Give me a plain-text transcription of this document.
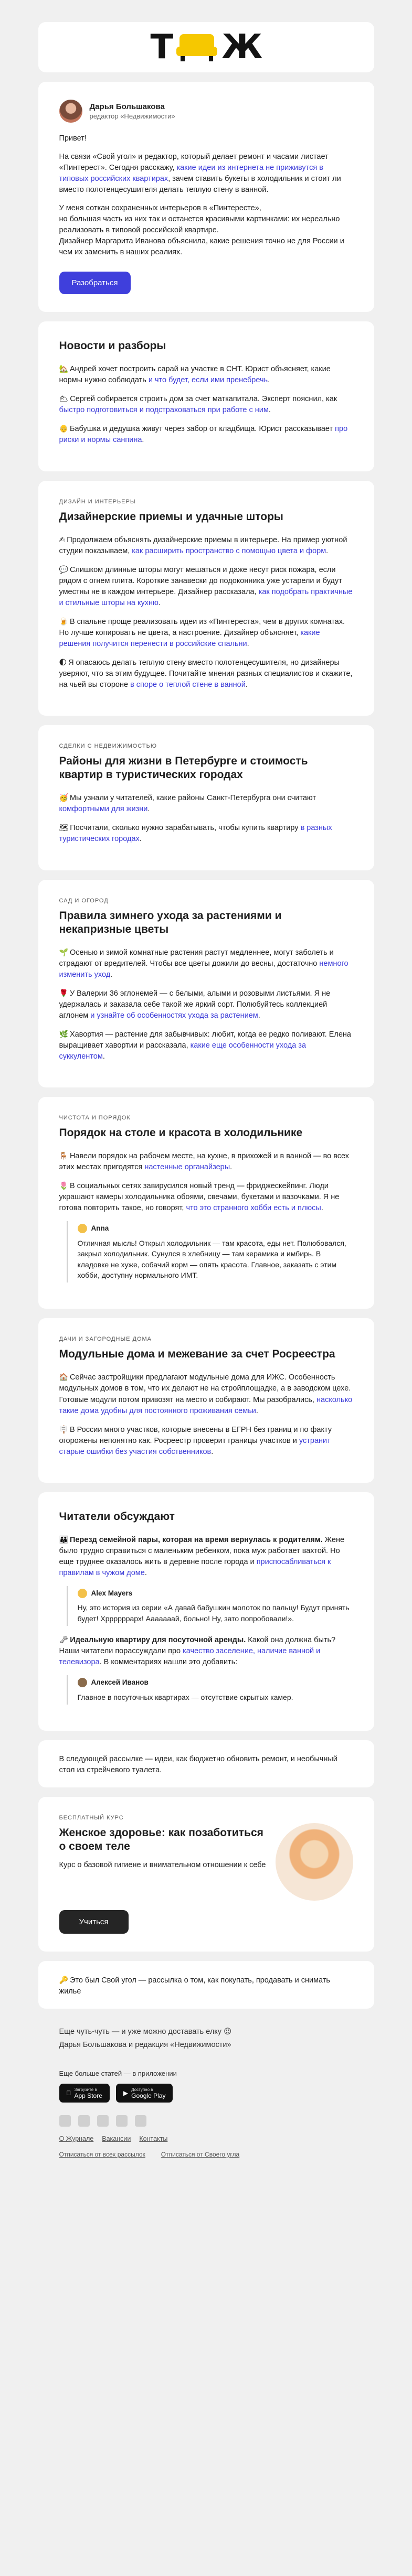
Т Ж
Дарья Большакова
редактор «Недвижимости»

Привет!

На связи «Свой угол» и редактор, который делает ремонт и часами листает «Пинтерест». Сегодня расскажу, какие идеи из интернета не приживутся в типовых российских квартирах, зачем ставить букеты в холодильник и стоит ли вместо полотенцесушителя делать теплую стену в ванной.

У меня соткан сохраненных интерьеров в «Пинтересте»,
но большая часть из них так и останется красивыми картинками: их нереально реализовать в типовой российской квартире.
Дизайнер Маргарита Иванова объяснила, какие решения точно не для России и чем их заменить в наших реалиях.

Разобраться
Новости и разборы
🏡 Андрей хочет построить сарай на участке в СНТ. Юрист объясняет, какие нормы нужно соблюдать и что будет, если ими пренебречь.
🌥 Сергей собирается строить дом за счет маткапитала. Эксперт пояснил, как быстро подготовиться и подстраховаться при работе с ним.
👴 Бабушка и дедушка живут через забор от кладбища. Юрист рассказывает про риски и нормы санпина.
ДИЗАЙН И ИНТЕРЬЕРЫ
Дизайнерские приемы и удачные шторы
✍ Продолжаем объяснять дизайнерские приемы в интерьере. На пример уютной студии показываем, как расширить пространство с помощью цвета и форм.
💬 Слишком длинные шторы могут мешаться и даже несут риск пожара, если рядом с огнем плита. Короткие занавески до подоконника уже устарели и будут уместны не в каждом интерьере. Дизайнер рассказала, как подобрать практичные и стильные шторы на кухню.
🍺 В спальне проще реализовать идеи из «Пинтереста», чем в других комнатах. Но лучше копировать не цвета, а настроение. Дизайнер объясняет, какие решения получится перенести в российские спальни.
🌓 Я опасаюсь делать теплую стену вместо полотенцесушителя, но дизайнеры уверяют, что за этим будущее. Почитайте мнения разных специалистов и скажите, на чьей вы стороне в споре о теплой стене в ванной.
СДЕЛКИ С НЕДВИЖИМОСТЬЮ
Районы для жизни в Петербурге и стоимость квартир в туристических городах
🥳 Мы узнали у читателей, какие районы Санкт-Петербурга они считают комфортными для жизни.
🗺 Посчитали, сколько нужно зарабатывать, чтобы купить квартиру в разных туристических городах.
САД И ОГОРОД
Правила зимнего ухода за растениями и некапризные цветы
🌱 Осенью и зимой комнатные растения растут медленнее, могут заболеть и страдают от вредителей. Чтобы все цветы дожили до весны, достаточно немного изменить уход.
🌹 У Валерии 36 эглонемей — с белыми, алыми и розовыми листьями. Я не удержалась и заказала себе такой же яркий сорт. Полюбуйтесь коллекцией аглонем и узнайте об особенностях ухода за растением.
🌿 Хавортия — растение для забывчивых: любит, когда ее редко поливают. Елена выращивает хавортии и рассказала, какие еще особенности ухода за суккулентом.
ЧИСТОТА И ПОРЯДОК
Порядок на столе и красота в холодильнике
🪑 Навели порядок на рабочем месте, на кухне, в прихожей и в ванной — во всех этих местах пригодятся настенные органайзеры.
🌷 В социальных сетях завирусился новый тренд — фриджескейпинг. Люди украшают камеры холодильника обоями, свечами, букетами и вазочками. Я не готова повторить такое, но говорят, что это странного хобби есть и плюсы.
Anna
Отличная мысль! Открыл холодильник — там красота, еды нет. Полюбовался, закрыл холодильник. Сунулся в хлебницу — там керамика и имбирь. В кладовке не хуже, собачий корм — опять красота. Главное, заказать с этим хобби, доступну нормального ИМТ.
ДАЧИ И ЗАГОРОДНЫЕ ДОМА
Модульные дома и межевание за счет Росреестра
🏠 Сейчас застройщики предлагают модульные дома для ИЖС. Особенность модульных домов в том, что их делают не на стройплощадке, а в заводском цехе. Готовые модули потом привозят на место и собирают. Мы разобрались, насколько такие дома удобны для постоянного проживания семьи.
🪧 В России много участков, которые внесены в ЕГРН без границ и по факту огорожены непонятно как. Росреестр проверит границы участков и устранит старые ошибки без участия собственников.
Читатели обсуждают
👪 Перезд семейной пары, которая на время вернулась к родителям. Жене было трудно справиться с маленьким ребенком, пока муж работает вахтой. Но еще труднее оказалось жить в деревне после города и приспосабливаться к правилам в чужом доме.
Alex Mayers
Ну, это история из серии «А давай бабушкин молоток по пальцу! Будут принять будет! Хррррррарх! Ааааааай, больно! Ну, зато попробовали!».
🗝 Идеальную квартиру для посуточной аренды. Какой она должна быть? Наши читатели порассуждали про качество заселение, наличие ванной и телевизора. В комментариях нашли это добавить:
Алексей Иванов
Главное в посуточных квартирах — отсутствие скрытых камер.

В следующей рассылке — идеи, как бюджетно обновить ремонт, и необычный стол из стрейчевого туалета.

БЕСПЛАТНЫЙ КУРС
Женское здоровье: как позаботиться о своем теле

Курс о базовой гигиене и внимательном отношении к себе

Учиться

🔑 Это был Свой угол — рассылка о том, как покупать, продавать и снимать жилье

Еще чуть-чуть — и уже можно доставать елку 😉

Дарья Большакова и редакция «Недвижимости»

Еще больше статей — в приложении
Загрузите в
App Store	▶ Доступно в
Google Play
О Журнале Вакансии Контакты
Отписаться от всех рассылок	Отписаться от Своего угла
